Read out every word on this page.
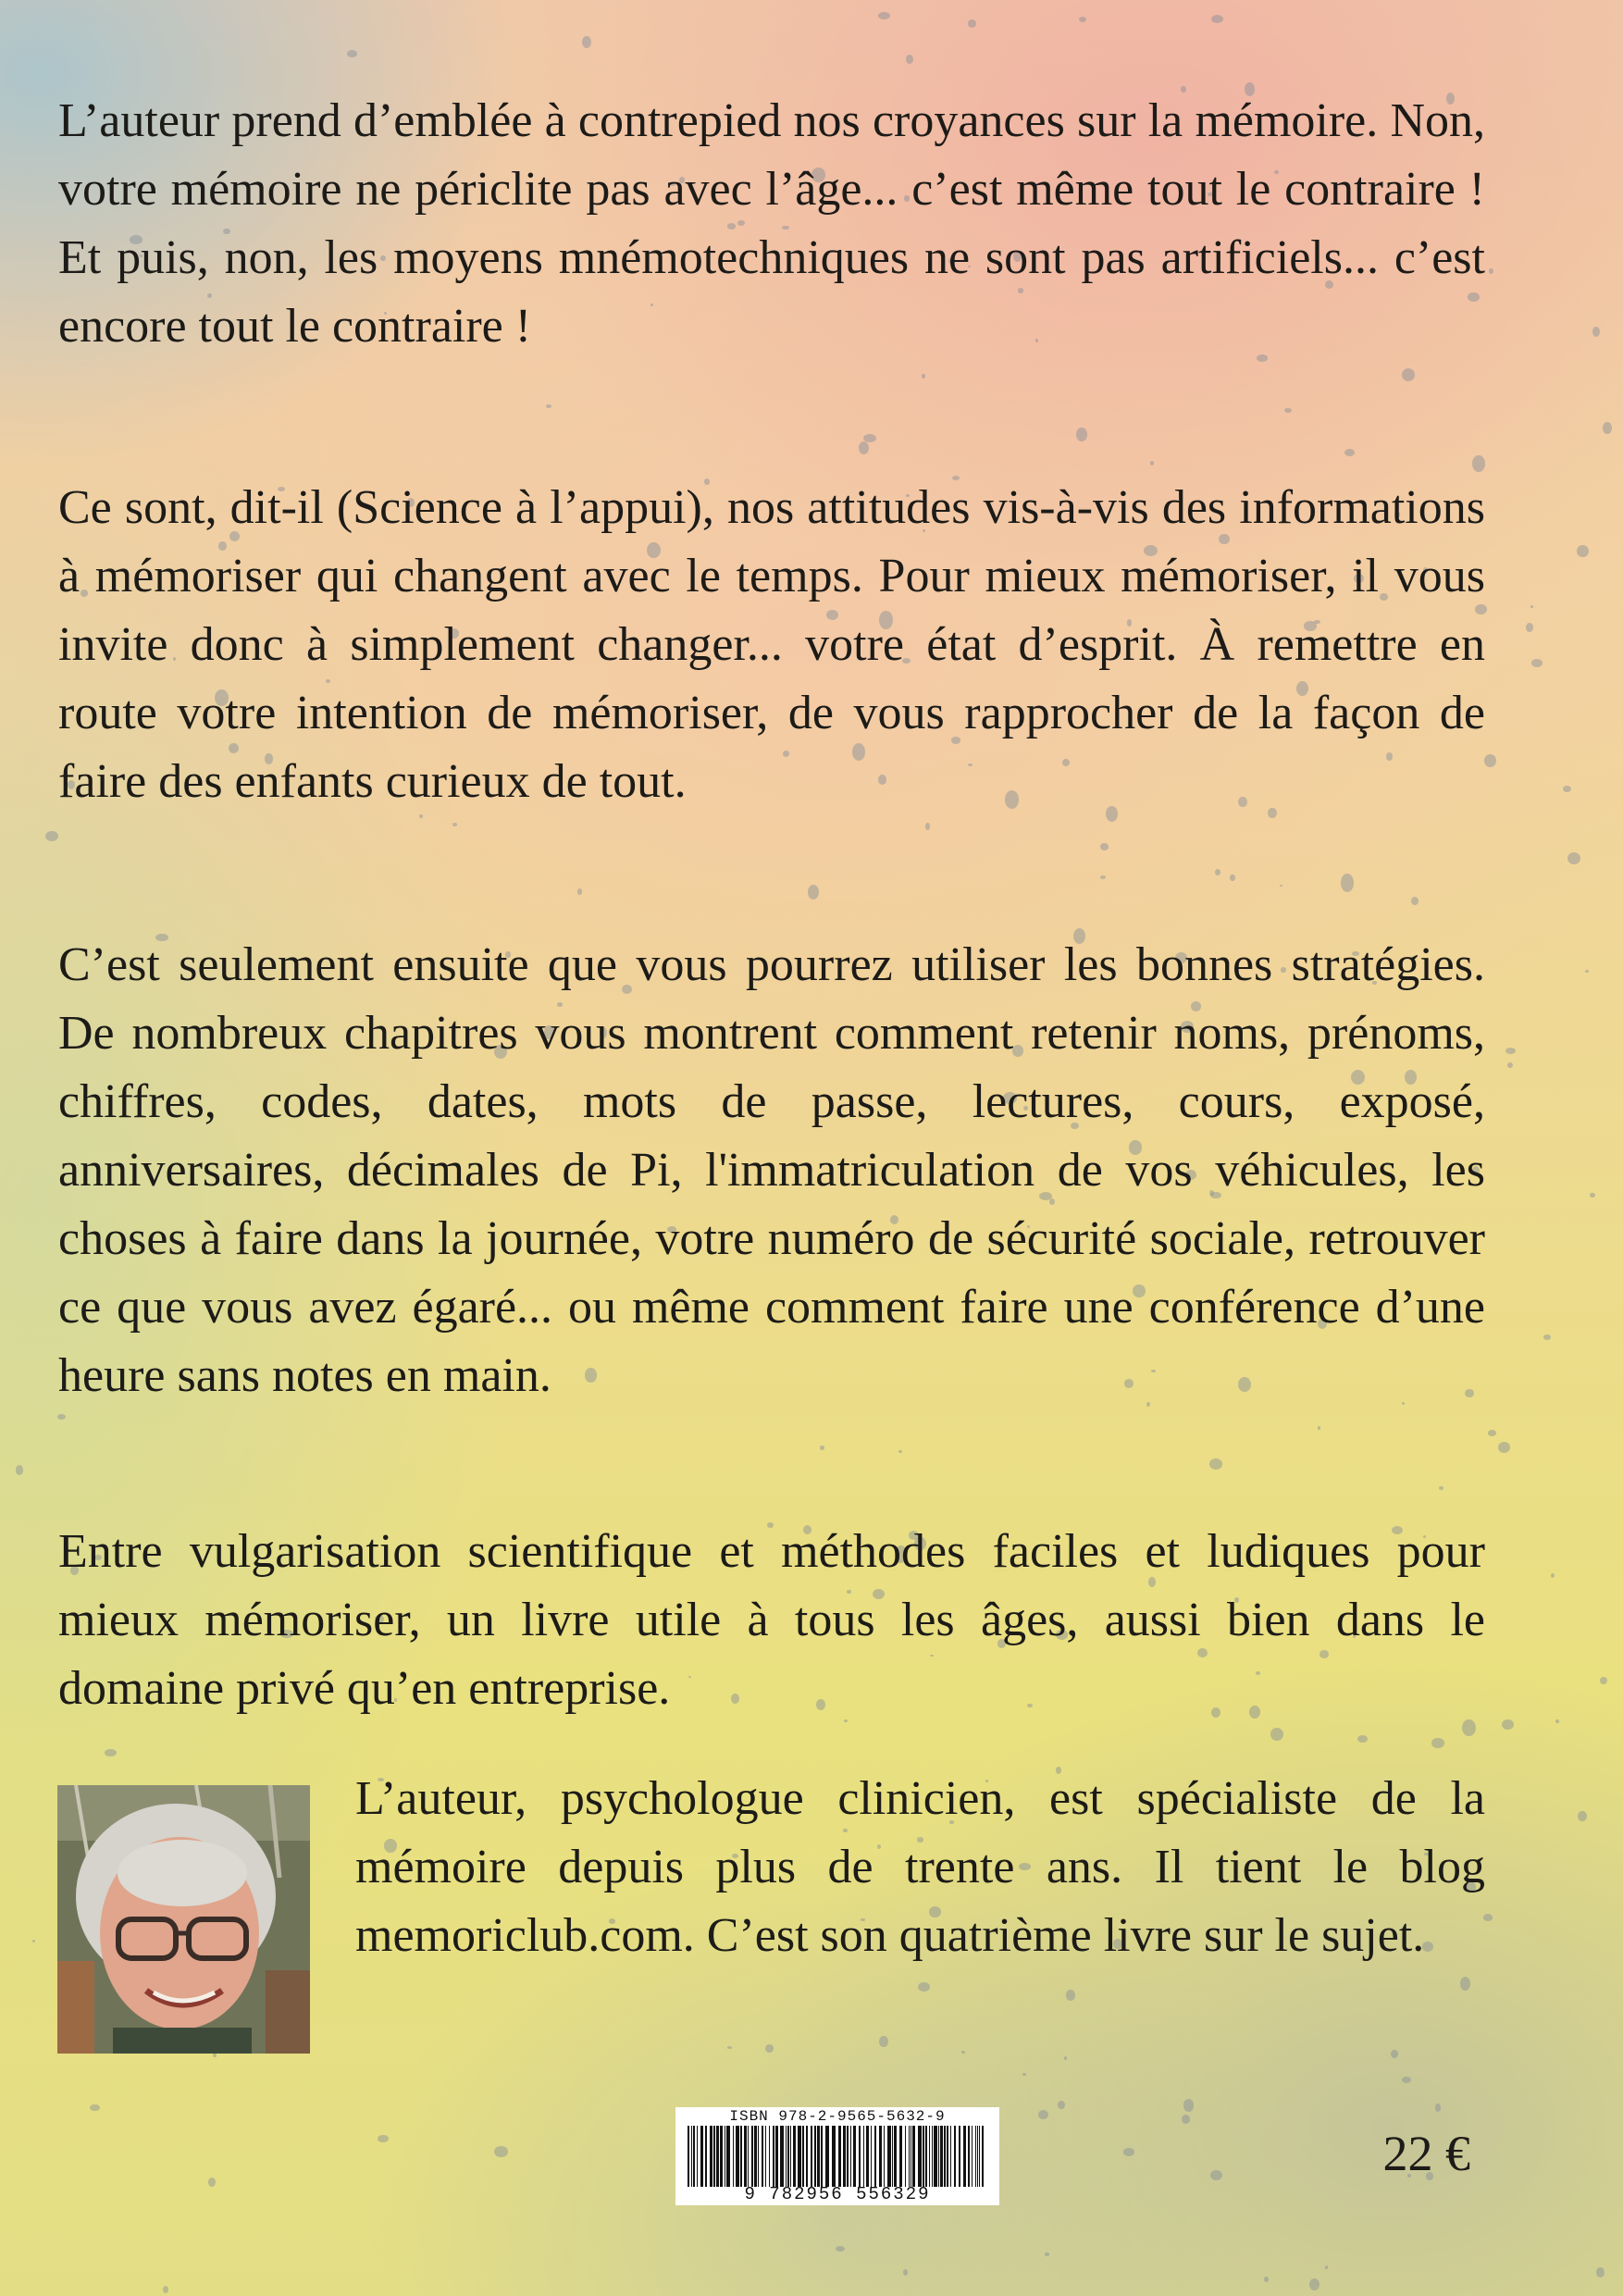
L’auteur prend d’emblée à contrepied nos croyances sur la mémoire. Non, votre mémoire ne périclite pas avec l’âge... c’est même tout le contraire ! Et puis, non, les moyens mnémotechniques ne sont pas artificiels... c’est encore tout le contraire !
Ce sont, dit-il (Science à l’appui), nos attitudes vis-à-vis des informations à mémoriser qui changent avec le temps. Pour mieux mémoriser, il vous invite donc à simplement changer... votre état d’esprit. À remettre en route votre intention de mémoriser, de vous rapprocher de la façon de faire des enfants curieux de tout.
C’est seulement ensuite que vous pourrez utiliser les bonnes stratégies. De nombreux chapitres vous montrent comment retenir noms, prénoms, chiffres, codes, dates, mots de passe, lectures, cours, exposé, anniversaires, décimales de Pi, l'immatriculation de vos véhicules, les choses à faire dans la journée, votre numéro de sécurité sociale, retrouver ce que vous avez égaré... ou même comment faire une conférence d’une heure sans notes en main.
Entre vulgarisation scientifique et méthodes faciles et ludiques pour mieux mémoriser, un livre utile à tous les âges, aussi bien dans le domaine privé qu’en entreprise.
L’auteur, psychologue clinicien, est spécialiste de la mémoire depuis plus de trente ans. Il tient le blog memoriclub.com. C’est son quatrième livre sur le sujet.
ISBN 978-2-9565-5632-9
9 782956 556329
22 €
